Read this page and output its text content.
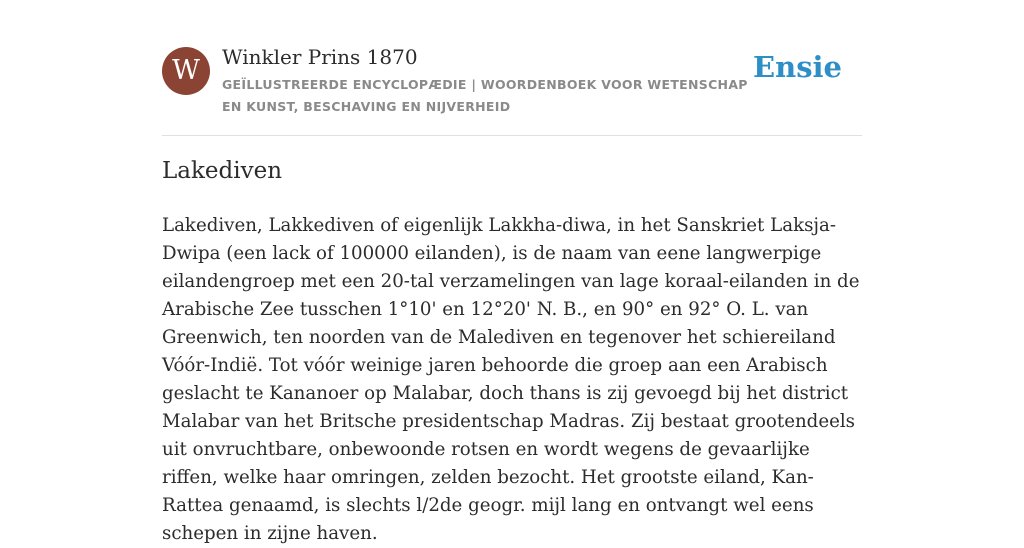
W	Winkler Prins 1870
GEÏLLUSTREERDE ENCYCLOPÆDIE | WOORDENBOEK VOOR WETENSCHAP EN KUNST, BESCHAVING EN NIJVERHEID
Ensie
Lakediven

Lakediven, Lakkediven of eigenlijk Lakkha-diwa, in het Sanskriet Laksja-Dwipa (een lack of 100000 eilanden), is de naam van eene langwerpige eilandengroep met een 20-tal verzamelingen van lage koraal-eilanden in de Arabische Zee tusschen 1°10' en 12°20' N. B., en 90° en 92° O. L. van Greenwich, ten noorden van de Malediven en tegenover het schiereiland Vóór-Indië. Tot vóór weinige jaren behoorde die groep aan een Arabisch geslacht te Kananoer op Malabar, doch thans is zij gevoegd bij het district Malabar van het Britsche presidentschap Madras. Zij bestaat grootendeels uit onvruchtbare, onbewoonde rotsen en wordt wegens de gevaarlijke riffen, welke haar omringen, zelden bezocht. Het grootste eiland, Kan-Rattea genaamd, is slechts l/2de geogr. mijl lang en ontvangt wel eens schepen in zijne haven.
